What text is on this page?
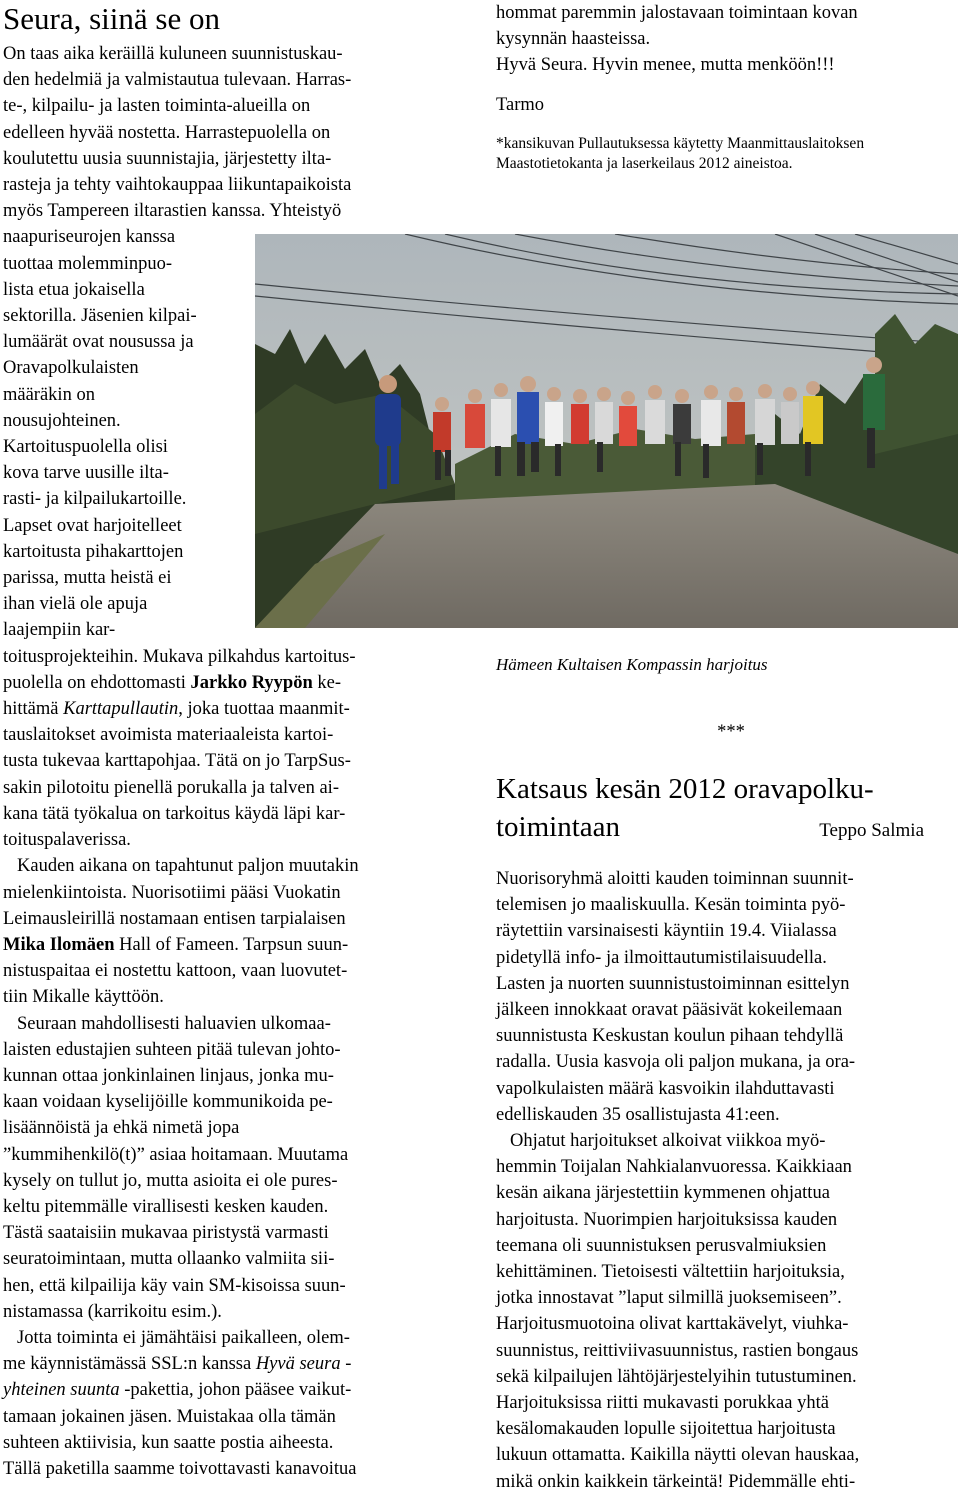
Seura, siinä se on

On taas aika keräillä kuluneen suunnistuskau-
den hedelmiä ja valmistautua tulevaan. Harras-
te-, kilpailu- ja lasten toiminta-alueilla on
edelleen hyvää nostetta. Harrastepuolella on
koulutettu uusia suunnistajia, järjestetty ilta-
rasteja ja tehty vaihtokauppaa liikuntapaikoista
myös Tampereen iltarastien kanssa. Yhteistyö

naapuriseurojen kanssa
tuottaa molemminpuo-
lista etua jokaisella
sektorilla. Jäsenien kilpai-
lumäärät ovat nousussa ja
Oravapolkulaisten
määräkin on
nousujohteinen.

Kartoituspuolella olisi
kova tarve uusille ilta-
rasti- ja kilpailukartoille.
Lapset ovat harjoitelleet
kartoitusta pihakarttojen
parissa, mutta heistä ei
ihan vielä ole apuja
laajempiin kar-
toitusprojekteihin. Mukava pilkahdus kartoitus-
puolella on ehdottomasti Jarkko Ryypön ke-
hittämä Karttapullautin, joka tuottaa maanmit-
tauslaitokset avoimista materiaaleista kartoi-
tusta tukevaa karttapohjaa. Tätä on jo TarpSus-
sakin pilotoitu pienellä porukalla ja talven ai-
kana tätä työkalua on tarkoitus käydä läpi kar-
toituspalaverissa.

Kauden aikana on tapahtunut paljon muutakin
mielenkiintoista. Nuorisotiimi pääsi Vuokatin
Leimausleirillä nostamaan entisen tarpialaisen
Mika Ilomäen Hall of Fameen. Tarpsun suun-
nistuspaitaa ei nostettu kattoon, vaan luovutet-
tiin Mikalle käyttöön.

Seuraan mahdollisesti haluavien ulkomaa-
laisten edustajien suhteen pitää tulevan johto-
kunnan ottaa jonkinlainen linjaus, jonka mu-
kaan voidaan kyselijöille kommunikoida pe-
lisäännöistä ja ehkä nimetä jopa
”kummihenkilö(t)” asiaa hoitamaan. Muutama
kysely on tullut jo, mutta asioita ei ole pures-
keltu pitemmälle virallisesti kesken kauden.
Tästä saataisiin mukavaa piristystä varmasti
seuratoimintaan, mutta ollaanko valmiita sii-
hen, että kilpailija käy vain SM-kisoissa suun-
nistamassa (karrikoitu esim.).

Jotta toiminta ei jämähtäisi paikalleen, olem-
me käynnistämässä SSL:n kanssa Hyvä seura -
yhteinen suunta -pakettia, johon pääsee vaikut-
tamaan jokainen jäsen. Muistakaa olla tämän
suhteen aktiivisia, kun saatte postia aiheesta.
Tällä paketilla saamme toivottavasti kanavoitua

hommat paremmin jalostavaan toimintaan kovan
kysynnän haasteissa.
Hyvä Seura. Hyvin menee, mutta menköön!!!

Tarmo

*kansikuvan Pullautuksessa käytetty Maanmittauslaitoksen
Maastotietokanta ja laserkeilaus 2012 aineistoa.

Hämeen Kultaisen Kompassin harjoitus

***

Katsaus kesän 2012 oravapolku-
toimintaan	Teppo Salmia

Nuorisoryhmä aloitti kauden toiminnan suunnit-
telemisen jo maaliskuulla. Kesän toiminta pyö-
räytettiin varsinaisesti käyntiin 19.4. Viialassa
pidetyllä info- ja ilmoittautumistilaisuudella.
Lasten ja nuorten suunnistustoiminnan esittelyn
jälkeen innokkaat oravat pääsivät kokeilemaan
suunnistusta Keskustan koulun pihaan tehdyllä
radalla. Uusia kasvoja oli paljon mukana, ja ora-
vapolkulaisten määrä kasvoikin ilahduttavasti
edelliskauden 35 osallistujasta 41:een.

Ohjatut harjoitukset alkoivat viikkoa myö-
hemmin Toijalan Nahkialanvuoressa. Kaikkiaan
kesän aikana järjestettiin kymmenen ohjattua
harjoitusta. Nuorimpien harjoituksissa kauden
teemana oli suunnistuksen perusvalmiuksien
kehittäminen. Tietoisesti vältettiin harjoituksia,
jotka innostavat ”laput silmillä juoksemiseen”.
Harjoitusmuotoina olivat karttakävelyt, viuhka-
suunnistus, reittiviivasuunnistus, rastien bongaus
sekä kilpailujen lähtöjärjestelyihin tutustuminen.
Harjoituksissa riitti mukavasti porukkaa yhtä
kesälomakauden lopulle sijoitettua harjoitusta
lukuun ottamatta. Kaikilla näytti olevan hauskaa,
mikä onkin kaikkein tärkeintä! Pidemmälle ehti-
